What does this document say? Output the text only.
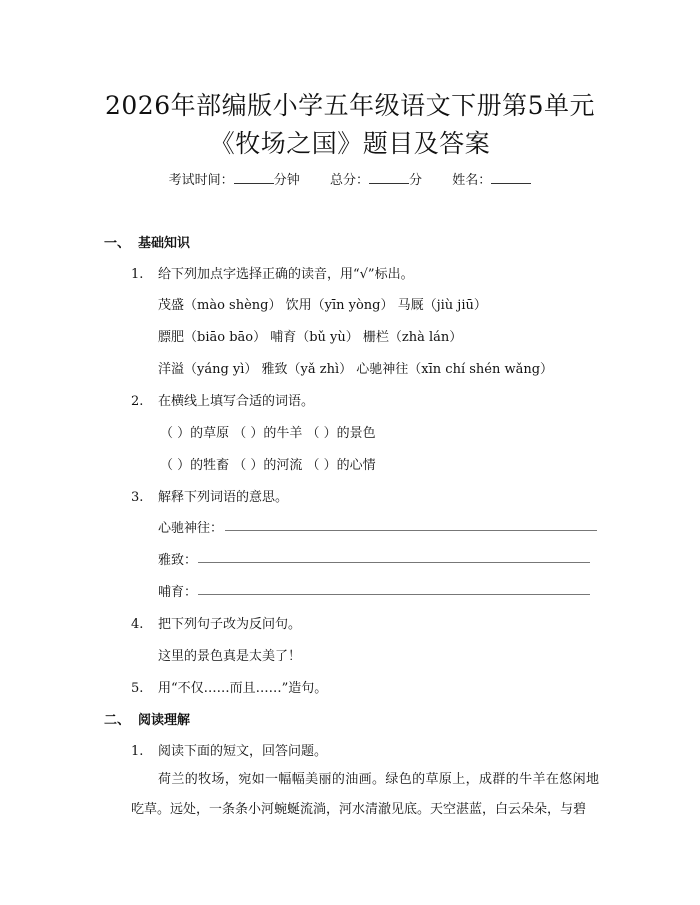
2026年部编版小学五年级语文下册第5单元
《牧场之国》题目及答案
考试时间：	分钟 总分：	分 姓名：
一、 基础知识
1. 给下列加点字选择正确的读音，用“√”标出。
茂盛（mào shèng） 饮用（yīn yòng） 马厩（jiù jiū）
膘肥（biāo bāo） 哺育（bǔ yù） 栅栏（zhà lán）
洋溢（yáng yì） 雅致（yǎ zhì） 心驰神往（xīn chí shén wǎng）
2. 在横线上填写合适的词语。
（ ）的草原 （ ）的牛羊 （ ）的景色
（ ）的牲畜 （ ）的河流 （ ）的心情
3. 解释下列词语的意思。
心驰神往：
雅致：
哺育：
4. 把下列句子改为反问句。
这里的景色真是太美了！
5. 用“不仅……而且……”造句。
二、 阅读理解
1. 阅读下面的短文，回答问题。
荷兰的牧场，宛如一幅幅美丽的油画。绿色的草原上，成群的牛羊在悠闲地吃草。远处，一条条小河蜿蜒流淌，河水清澈见底。天空湛蓝，白云朵朵，与碧
